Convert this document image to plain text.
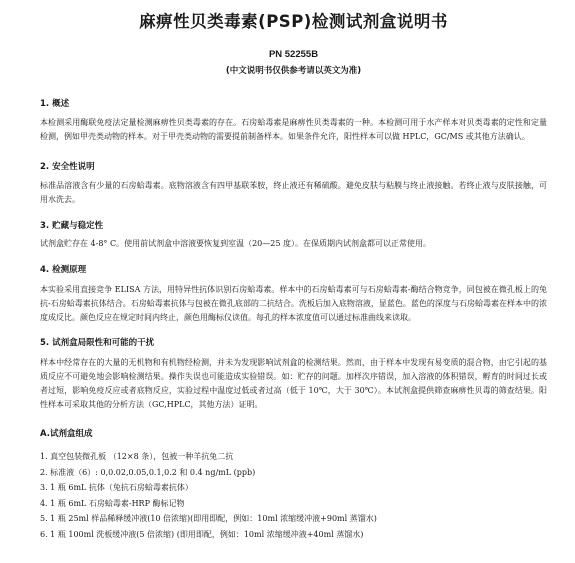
麻痹性贝类毒素(PSP)检测试剂盒说明书
PN 52255B
(中文说明书仅供参考请以英文为准)
1. 概述

本检测采用酶联免疫法定量检测麻痹性贝类毒素的存在。石房蛤毒素是麻痹性贝类毒素的一种。本检测可用于水产样本对贝类毒素的定性和定量检测，例如甲壳类动物的样本。对于甲壳类动物的需要提前制备样本。如果条件允许，阳性样本可以做 HPLC，GC/MS 或其他方法确认。

2. 安全性说明

标准品溶液含有少量的石房蛤毒素。底物溶液含有四甲基联苯胺，终止液还有稀硫酸。避免皮肤与粘膜与终止液接触。若终止液与皮肤接触，可用水洗去。

3. 贮藏与稳定性

试剂盒贮存在 4-8° C。使用前试剂盒中溶液要恢复到室温（20—25 度）。在保质期内试剂盒都可以正常使用。

4. 检测原理

本实验采用直接竞争 ELISA 方法，用特异性抗体识别石房蛤毒素。样本中的石房蛤毒素可与石房蛤毒素-酶结合物竞争，同包被在微孔板上的兔抗-石房蛤毒素抗体结合。石房蛤毒素抗体与包被在微孔底部的二抗结合。洗板后加入底物溶液，显蓝色。蓝色的深度与石房蛤毒素在样本中的浓度成反比。颜色反应在规定时间内终止，颜色用酶标仪读值。每孔的样本浓度值可以通过标准曲线来读取。

5. 试剂盒局限性和可能的干扰

样本中经常存在的大量的无机物和有机物经检测，并未为发现影响试剂盒的检测结果。然而，由于样本中发现有易变质的混合物，由它引起的基质反应不可避免地会影响检测结果。操作失误也可能造成实验错误。如：贮存的问题。加样次序错误，加入溶液的体积错误，孵育的时间过长或者过短，影响免疫反应或者底物反应，实验过程中温度过低或者过高（低于 10℃，大于 30℃）。本试剂盒提供筛查麻痹性贝毒的筛查结果。阳性样本可采取其他的分析方法（GC,HPLC，其他方法）证明。

A.试剂盒组成
1. 真空包装微孔板 （12×8 条），包被一种羊抗兔二抗
2. 标准液（6）: 0,0.02,0.05,0.1,0.2 和 0.4 ng/mL (ppb)
3. 1 瓶 6mL 抗体（兔抗石房蛤毒素抗体）
4. 1 瓶 6mL 石房蛤毒素-HRP 酶标记物
5. 1 瓶 25ml 样品稀释缓冲液(10 倍浓缩)(即用即配，例如：10ml 浓缩缓冲液+90ml 蒸馏水)
6. 1 瓶 100ml 洗板缓冲液(5 倍浓缩) (即用即配，例如：10ml 浓缩缓冲液+40ml 蒸馏水)
